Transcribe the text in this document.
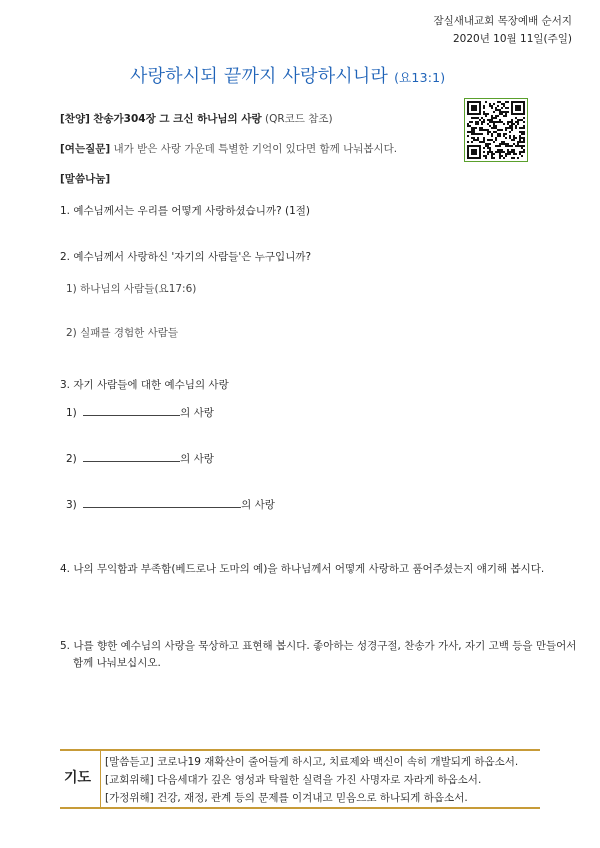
잠실새내교회 목장예배 순서지
2020년 10월 11일(주일)
사랑하시되 끝까지 사랑하시니라 (요13:1)
[찬양] 찬송가304장 그 크신 하나님의 사랑 (QR코드 참조)
[여는질문] 내가 받은 사랑 가운데 특별한 기억이 있다면 함께 나눠봅시다.
[말씀나눔]
1. 예수님께서는 우리를 어떻게 사랑하셨습니까? (1절)
2. 예수님께서 사랑하신 '자기의 사람들'은 누구입니까?
1) 하나님의 사람들(요17:6)
2) 실패를 경험한 사람들
3. 자기 사람들에 대한 예수님의 사랑
1)	의 사랑
2)	의 사랑
3)	의 사랑
4. 나의 무익함과 부족함(베드로나 도마의 예)을 하나님께서 어떻게 사랑하고 품어주셨는지 얘기해 봅시다.
5. 나를 향한 예수님의 사랑을 묵상하고 표현해 봅시다. 좋아하는 성경구절, 찬송가 가사, 자기 고백 등을 만들어서
함께 나눠보십시오.
기도
[말씀듣고] 코로나19 재확산이 줄어들게 하시고, 치료제와 백신이 속히 개발되게 하옵소서.
[교회위해] 다음세대가 깊은 영성과 탁월한 실력을 가진 사명자로 자라게 하옵소서.
[가정위해] 건강, 재정, 관계 등의 문제를 이겨내고 믿음으로 하나되게 하옵소서.
